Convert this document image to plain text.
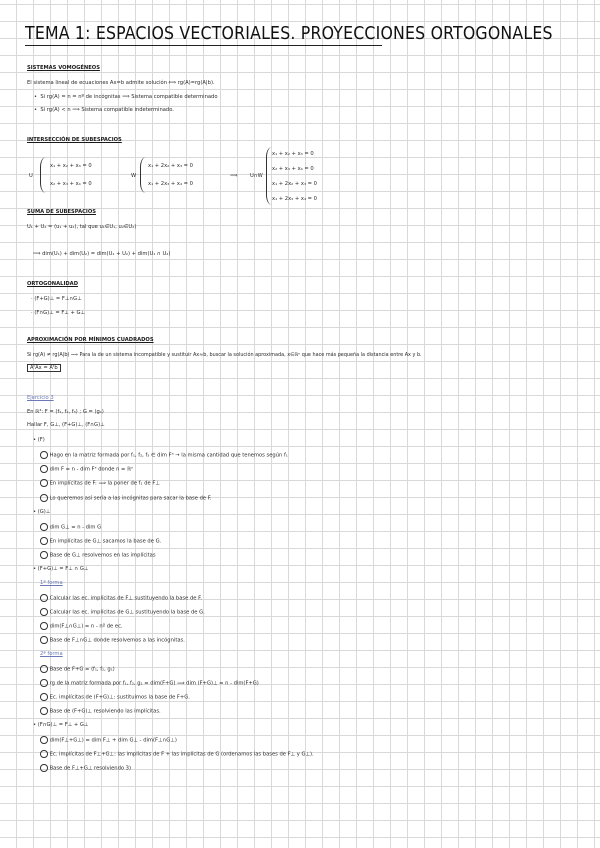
TEMA 1: ESPACIOS VECTORIALES. PROYECCIONES ORTOGONALES
SISTEMAS VOMOGÉNEOS
El sistema lineal de ecuaciones Ax=b admite solución ⟺ rg(A)=rg(A|b).
•  Si rg(A) = n = nº de incógnitas ⟹ Sistema compatible determinado
•  Si rg(A) < n ⟹ Sistema compatible indeterminado.
INTERSECCIÓN DE SUBESPACIOS
U
x₁ + x₂ + x₃ = 0
x₂ + x₃ + x₄ = 0
W
x₁ + 2x₂ + x₃ = 0
x₁ + 2x₃ + x₄ = 0
⟹ U∩W
x₁ + x₂ + x₃ = 0
x₂ + x₃ + x₄ = 0
x₁ + 2x₂ + x₃ = 0
x₁ + 2x₃ + x₄ = 0
SUMA DE SUBESPACIOS
U₁ + U₂ = ⟨u₁ + u₂⟩, tal que u₁∈U₁, u₂∈U₂⟩
⟹ dim(U₁) + dim(U₂) = dim(U₁ + U₂) + dim(U₁ ∩ U₂)
ORTOGONALIDAD
· (F+G)⊥ = F⊥∩G⊥
· (F∩G)⊥ = F⊥ + G⊥
APROXIMACIÓN POR MÍNIMOS CUADRADOS
Si rg(A) ≠ rg(A|b) ⟹ Para la de un sistema incompatible y sustituir Ax≈b, buscar la solución aproximada, x∈ℝⁿ que hace más pequeña la distancia entre Ax y b.
AᵗAx = Aᵗb
Ejercicio 3
En ℝ⁴: F = ⟨f₁, f₂, f₃⟩ ; G = ⟨g₁⟩
Hallar F, G⊥, (F+G)⊥, (F∩G)⊥
• (F)
Hago en la matriz formada por f₁, f₂, f₃ ∈ dim Fᵃ → la misma cantidad que tenemos según f₁
dim F = n - dim Fᵃ donde n = ℝⁿ
En implícitas de F: ⟹ la poner de f₁ de F⊥
Lo queremos así sería a las incógnitas para sacar la base de F.
• (G)⊥
dim G⊥ = n - dim G
En implícitas de G⊥ sacamos la base de G.
Base de G⊥ resolvemos en las implícitas
• (F+G)⊥ = F⊥ ∩ G⊥
1ª forma
Calcular las ec. implícitas de F⊥ sustituyendo la base de F.
Calcular las ec. implícitas de G⊥ sustituyendo la base de G.
dim(F⊥∩G⊥) = n - nº de ec.
Base de F⊥∩G⊥ donde resolvemos a las incógnitas.
2ª forma
Base de F+G = ⟨f₁, f₂, g₁⟩
rg de la matriz formada por f₁, f₂, g₁ = dim(F+G) ⟹ dim (F+G)⊥ = n - dim(F+G)
Ec. implícitas de (F+G)⊥: sustituimos la base de F+G.
Base de (F+G)⊥ resolviendo las implícitas.
• (F∩G)⊥ = F⊥ + G⊥
dim(F⊥+G⊥) = dim F⊥ + dim G⊥ - dim(F⊥∩G⊥)
Ec. implícitas de F⊥+G⊥: las implícitas de F + las implícitas de G (ordenamos las bases de F⊥ y G⊥).
Base de F⊥+G⊥ resolviendo 3)
